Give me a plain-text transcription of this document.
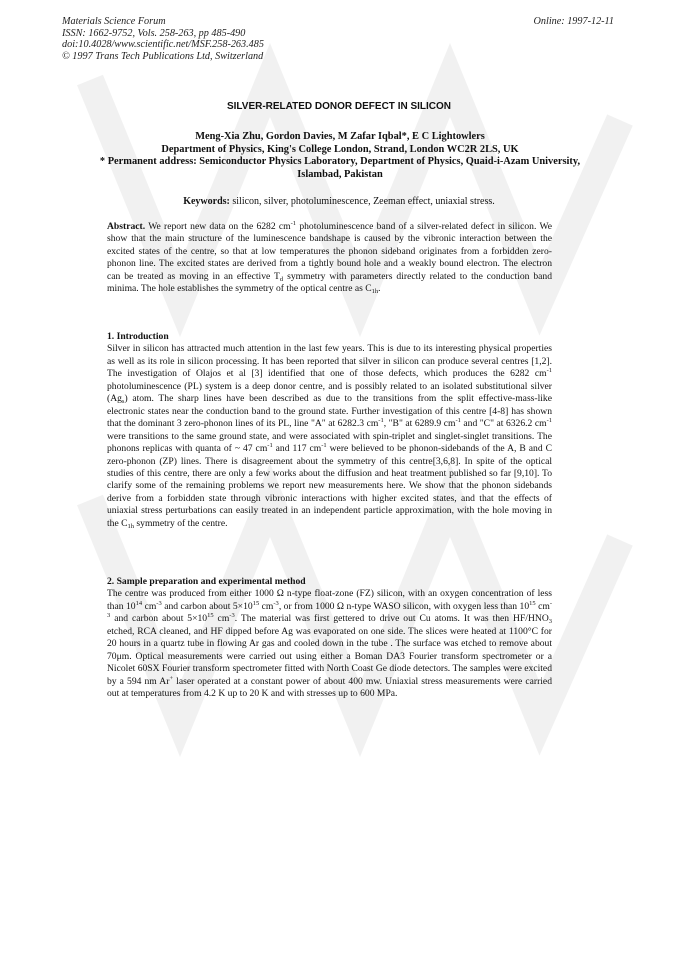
Materials Science Forum
ISSN: 1662-9752, Vols. 258-263, pp 485-490
doi:10.4028/www.scientific.net/MSF.258-263.485
© 1997 Trans Tech Publications Ltd, Switzerland
Online: 1997-12-11
SILVER-RELATED DONOR DEFECT IN SILICON
Meng-Xia Zhu, Gordon Davies, M Zafar Iqbal*, E C Lightowlers
Department of Physics, King's College London, Strand, London WC2R 2LS, UK
* Permanent address: Semiconductor Physics Laboratory, Department of Physics, Quaid-i-Azam University, Islambad, Pakistan
Keywords: silicon, silver, photoluminescence, Zeeman effect, uniaxial stress.

Abstract. We report new data on the 6282 $cm^{-1}$ photoluminescence band of a silver-related defect in silicon. We show that the main structure of the luminescence bandshape is caused by the vibronic interaction between the excited states of the centre, so that at low temperatures the phonon sideband originates from a forbidden zero-phonon line. The excited states are derived from a tightly bound hole and a weakly bound electron. The electron can be treated as moving in an effective $T_d$ symmetry with parameters directly related to the conduction band minima. The hole establishes the symmetry of the optical centre as $C_{1h}$.

1. Introduction

Silver in silicon has attracted much attention in the last few years. This is due to its interesting physical properties as well as its role in silicon processing. It has been reported that silver in silicon can produce several centres [1,2]. The investigation of Olajos et al [3] identified that one of those defects, which produces the 6282 $cm^{-1}$ photoluminescence (PL) system is a deep donor centre, and is possibly related to an isolated substitutional silver $(Ag_s)$ atom. The sharp lines have been described as due to the transitions from the split effective-mass-like electronic states near the conduction band to the ground state. Further investigation of this centre [4-8] has shown that the dominant 3 zero-phonon lines of its PL, line "A" at 6282.3 $cm^{-1}$, "B" at 6289.9 $cm^{-1}$ and "C" at 6326.2 $cm^{-1}$ were transitions to the same ground state, and were associated with spin-triplet and singlet-singlet transitions. The phonons replicas with quanta of ~ 47 $cm^{-1}$ and 117 $cm^{-1}$ were believed to be phonon-sidebands of the A, B and C zero-phonon (ZP) lines. There is disagreement about the symmetry of this centre[3,6,8]. In spite of the optical studies of this centre, there are only a few works about the diffusion and heat treatment published so far [9,10]. To clarify some of the remaining problems we report new measurements here. We show that the phonon sidebands derive from a forbidden state through vibronic interactions with higher excited states, and that the effects of uniaxial stress perturbations can easily treated in an independent particle approximation, with the hole moving in the $C_{1h}$ symmetry of the centre.

2. Sample preparation and experimental method

The centre was produced from either 1000 Ω n-type float-zone (FZ) silicon, with an oxygen concentration of less than $10^{14}$ $cm^{-3}$ and carbon about $5\times 10^{15}$ $cm^{-3}$, or from 1000 Ω n-type WASO silicon, with oxygen less than $10^{15}$ $cm^{-3}$ and carbon about $5\times 10^{15}$ $cm^{-3}$. The material was first gettered to drive out Cu atoms. It was then $HF/HNO_3$ etched, RCA cleaned, and HF dipped before Ag was evaporated on one side. The slices were heated at 1100°C for 20 hours in a quartz tube in flowing Ar gas and cooled down in the tube . The surface was etched to remove about 70μm. Optical measurements were carried out using either a Boman DA3 Fourier transform spectrometer or a Nicolet 60SX Fourier transform spectrometer fitted with North Coast Ge diode detectors. The samples were excited by a 594 nm Ar+ laser operated at a constant power of about 400 mw. Uniaxial stress measurements were carried out at temperatures from 4.2 K up to 20 K and with stresses up to 600 MPa.
